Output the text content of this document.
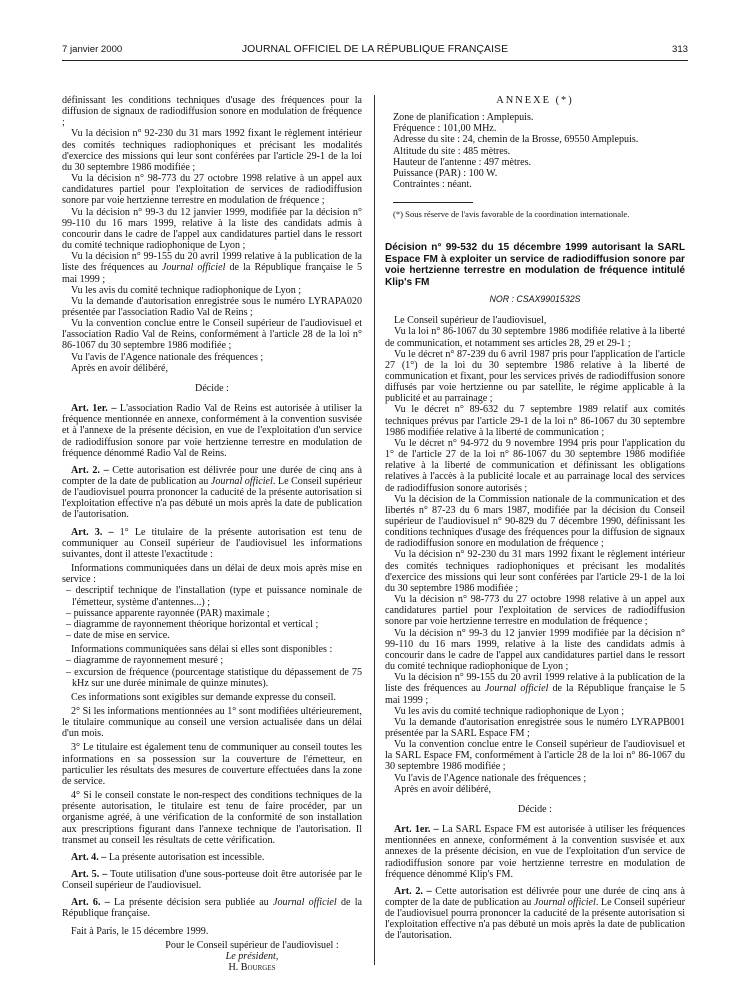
7 janvier 2000	JOURNAL OFFICIEL DE LA RÉPUBLIQUE FRANÇAISE	313

définissant les conditions techniques d'usage des fréquences pour la diffusion de signaux de radiodiffusion sonore en modulation de fréquence ;

Vu la décision n° 92-230 du 31 mars 1992 fixant le règlement intérieur des comités techniques radiophoniques et précisant les modalités d'exercice des missions qui leur sont conférées par l'article 29-1 de la loi du 30 septembre 1986 modifiée ;

Vu la décision n° 98-773 du 27 octobre 1998 relative à un appel aux candidatures partiel pour l'exploitation de services de radiodiffusion sonore par voie hertzienne terrestre en modulation de fréquence ;

Vu la décision n° 99-3 du 12 janvier 1999, modifiée par la décision n° 99-110 du 16 mars 1999, relative à la liste des candidats admis à concourir dans le cadre de l'appel aux candidatures partiel dans le ressort du comité technique radiophonique de Lyon ;

Vu la décision n° 99-155 du 20 avril 1999 relative à la publication de la liste des fréquences au Journal officiel de la République française le 5 mai 1999 ;

Vu les avis du comité technique radiophonique de Lyon ;

Vu la demande d'autorisation enregistrée sous le numéro LYRAPA020 présentée par l'association Radio Val de Reins ;

Vu la convention conclue entre le Conseil supérieur de l'audiovisuel et l'association Radio Val de Reins, conformément à l'article 28 de la loi n° 86-1067 du 30 septembre 1986 modifiée ;

Vu l'avis de l'Agence nationale des fréquences ;

Après en avoir délibéré,

Décide :

Art. 1er. – L'association Radio Val de Reins est autorisée à utiliser la fréquence mentionnée en annexe, conformément à la convention susvisée et à l'annexe de la présente décision, en vue de l'exploitation d'un service de radiodiffusion sonore par voie hertzienne terrestre en modulation de fréquence dénommé Radio Val de Reins.

Art. 2. – Cette autorisation est délivrée pour une durée de cinq ans à compter de la date de publication au Journal officiel. Le Conseil supérieur de l'audiovisuel pourra prononcer la caducité de la présente autorisation si l'exploitation effective n'a pas débuté un mois après la date de publication de l'autorisation.

Art. 3. – 1° Le titulaire de la présente autorisation est tenu de communiquer au Conseil supérieur de l'audiovisuel les informations suivantes, dont il atteste l'exactitude :

Informations communiquées dans un délai de deux mois après mise en service :

– descriptif technique de l'installation (type et puissance nominale de l'émetteur, système d'antennes...) ;
– puissance apparente rayonnée (PAR) maximale ;
– diagramme de rayonnement théorique horizontal et vertical ;
– date de mise en service.

Informations communiquées sans délai si elles sont disponibles :

– diagramme de rayonnement mesuré ;
– excursion de fréquence (pourcentage statistique du dépassement de 75 kHz sur une durée minimale de quinze minutes).

Ces informations sont exigibles sur demande expresse du conseil.

2° Si les informations mentionnées au 1° sont modifiées ultérieurement, le titulaire communique au conseil une version actualisée dans un délai d'un mois.

3° Le titulaire est également tenu de communiquer au conseil toutes les informations en sa possession sur la couverture de l'émetteur, en particulier les résultats des mesures de couverture effectuées dans la zone de service.

4° Si le conseil constate le non-respect des conditions techniques de la présente autorisation, le titulaire est tenu de faire procéder, par un organisme agréé, à une vérification de la conformité de son installation aux prescriptions figurant dans l'annexe technique de l'autorisation. Il transmet au conseil les résultats de cette vérification.

Art. 4. – La présente autorisation est incessible.

Art. 5. – Toute utilisation d'une sous-porteuse doit être autorisée par le Conseil supérieur de l'audiovisuel.

Art. 6. – La présente décision sera publiée au Journal officiel de la République française.

Fait à Paris, le 15 décembre 1999.

Pour le Conseil supérieur de l'audiovisuel :

Le président,

H. Bourges

ANNEXE (*)

Zone de planification : Amplepuis.

Fréquence : 101,00 MHz.

Adresse du site : 24, chemin de la Brosse, 69550 Amplepuis.

Altitude du site : 485 mètres.

Hauteur de l'antenne : 497 mètres.

Puissance (PAR) : 100 W.

Contraintes : néant.

(*) Sous réserve de l'avis favorable de la coordination internationale.

Décision n° 99-532 du 15 décembre 1999 autorisant la SARL Espace FM à exploiter un service de radiodiffusion sonore par voie hertzienne terrestre en modulation de fréquence intitulé Klip's FM

NOR : CSAX9901532S

Le Conseil supérieur de l'audiovisuel,

Vu la loi n° 86-1067 du 30 septembre 1986 modifiée relative à la liberté de communication, et notamment ses articles 28, 29 et 29-1 ;

Vu le décret n° 87-239 du 6 avril 1987 pris pour l'application de l'article 27 (1°) de la loi du 30 septembre 1986 relative à la liberté de communication et fixant, pour les services privés de radiodiffusion sonore diffusés par voie hertzienne ou par satellite, le régime applicable à la publicité et au parrainage ;

Vu le décret n° 89-632 du 7 septembre 1989 relatif aux comités techniques prévus par l'article 29-1 de la loi n° 86-1067 du 30 septembre 1986 modifiée relative à la liberté de communication ;

Vu le décret n° 94-972 du 9 novembre 1994 pris pour l'application du 1° de l'article 27 de la loi n° 86-1067 du 30 septembre 1986 modifiée relative à la liberté de communication et définissant les obligations relatives à l'accès à la publicité locale et au parrainage local des services de radiodiffusion sonore autorisés ;

Vu la décision de la Commission nationale de la communication et des libertés n° 87-23 du 6 mars 1987, modifiée par la décision du Conseil supérieur de l'audiovisuel n° 90-829 du 7 décembre 1990, définissant les conditions techniques d'usage des fréquences pour la diffusion de signaux de radiodiffusion sonore en modulation de fréquence ;

Vu la décision n° 92-230 du 31 mars 1992 fixant le règlement intérieur des comités techniques radiophoniques et précisant les modalités d'exercice des missions qui leur sont conférées par l'article 29-1 de la loi du 30 septembre 1986 modifiée ;

Vu la décision n° 98-773 du 27 octobre 1998 relative à un appel aux candidatures partiel pour l'exploitation de services de radiodiffusion sonore par voie hertzienne terrestre en modulation de fréquence ;

Vu la décision n° 99-3 du 12 janvier 1999 modifiée par la décision n° 99-110 du 16 mars 1999, relative à la liste des candidats admis à concourir dans le cadre de l'appel aux candidatures partiel dans le ressort du comité technique radiophonique de Lyon ;

Vu la décision n° 99-155 du 20 avril 1999 relative à la publication de la liste des fréquences au Journal officiel de la République française le 5 mai 1999 ;

Vu les avis du comité technique radiophonique de Lyon ;

Vu la demande d'autorisation enregistrée sous le numéro LYRAPB001 présentée par la SARL Espace FM ;

Vu la convention conclue entre le Conseil supérieur de l'audiovisuel et la SARL Espace FM, conformément à l'article 28 de la loi n° 86-1067 du 30 septembre 1986 modifiée ;

Vu l'avis de l'Agence nationale des fréquences ;

Après en avoir délibéré,

Décide :

Art. 1er. – La SARL Espace FM est autorisée à utiliser les fréquences mentionnées en annexe, conformément à la convention susvisée et aux annexes de la présente décision, en vue de l'exploitation d'un service de radiodiffusion sonore par voie hertzienne terrestre en modulation de fréquence dénommé Klip's FM.

Art. 2. – Cette autorisation est délivrée pour une durée de cinq ans à compter de la date de publication au Journal officiel. Le Conseil supérieur de l'audiovisuel pourra prononcer la caducité de la présente autorisation si l'exploitation effective n'a pas débuté un mois après la date de publication de l'autorisation.
